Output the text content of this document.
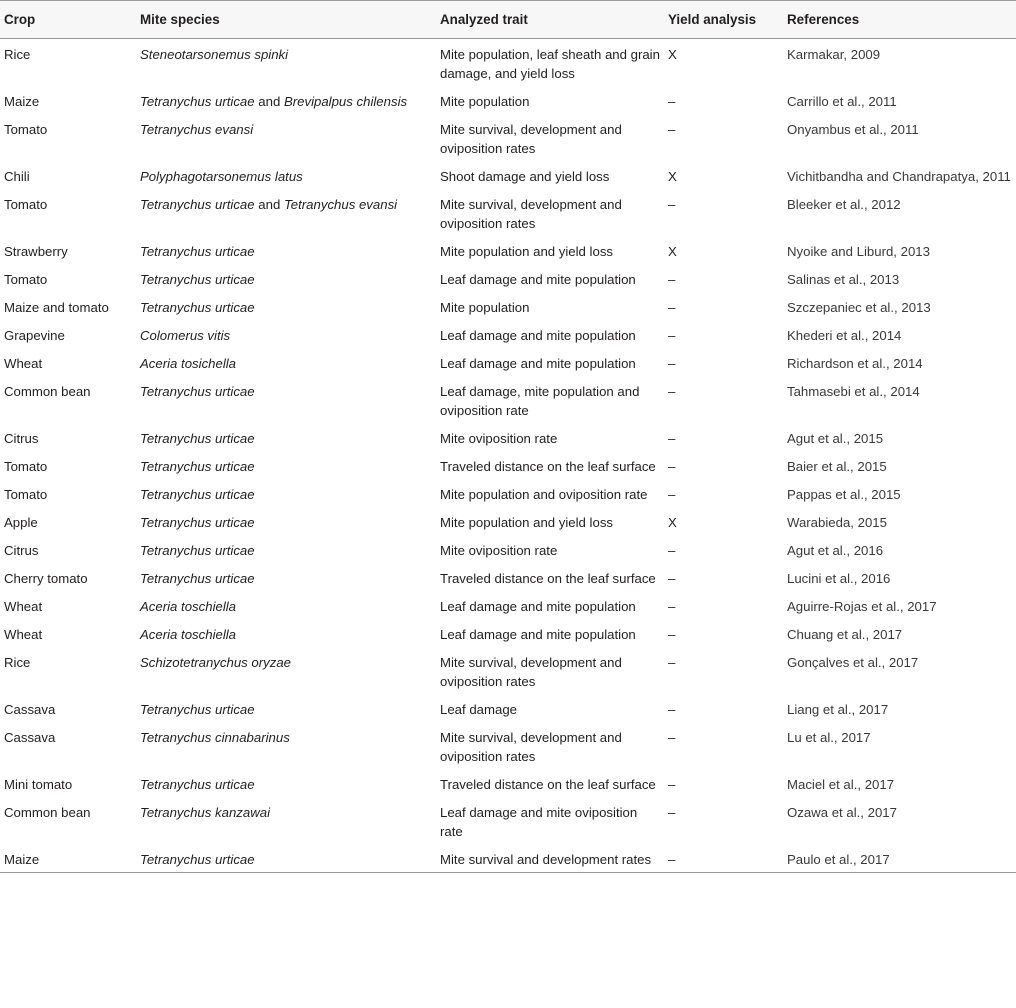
Crop	Mite species	Analyzed trait	Yield analysis	References
Rice	Steneotarsonemus spinki	Mite population, leaf sheath and grain damage, and yield loss	X	Karmakar, 2009
Maize	Tetranychus urticae and Brevipalpus chilensis	Mite population	–	Carrillo et al., 2011
Tomato	Tetranychus evansi	Mite survival, development and oviposition rates	–	Onyambus et al., 2011
Chili	Polyphagotarsonemus latus	Shoot damage and yield loss	X	Vichitbandha and Chandrapatya, 2011
Tomato	Tetranychus urticae and Tetranychus evansi	Mite survival, development and oviposition rates	–	Bleeker et al., 2012
Strawberry	Tetranychus urticae	Mite population and yield loss	X	Nyoike and Liburd, 2013
Tomato	Tetranychus urticae	Leaf damage and mite population	–	Salinas et al., 2013
Maize and tomato	Tetranychus urticae	Mite population	–	Szczepaniec et al., 2013
Grapevine	Colomerus vitis	Leaf damage and mite population	–	Khederi et al., 2014
Wheat	Aceria tosichella	Leaf damage and mite population	–	Richardson et al., 2014
Common bean	Tetranychus urticae	Leaf damage, mite population and oviposition rate	–	Tahmasebi et al., 2014
Citrus	Tetranychus urticae	Mite oviposition rate	–	Agut et al., 2015
Tomato	Tetranychus urticae	Traveled distance on the leaf surface	–	Baier et al., 2015
Tomato	Tetranychus urticae	Mite population and oviposition rate	–	Pappas et al., 2015
Apple	Tetranychus urticae	Mite population and yield loss	X	Warabieda, 2015
Citrus	Tetranychus urticae	Mite oviposition rate	–	Agut et al., 2016
Cherry tomato	Tetranychus urticae	Traveled distance on the leaf surface	–	Lucini et al., 2016
Wheat	Aceria toschiella	Leaf damage and mite population	–	Aguirre-Rojas et al., 2017
Wheat	Aceria toschiella	Leaf damage and mite population	–	Chuang et al., 2017
Rice	Schizotetranychus oryzae	Mite survival, development and oviposition rates	–	Gonçalves et al., 2017
Cassava	Tetranychus urticae	Leaf damage	–	Liang et al., 2017
Cassava	Tetranychus cinnabarinus	Mite survival, development and oviposition rates	–	Lu et al., 2017
Mini tomato	Tetranychus urticae	Traveled distance on the leaf surface	–	Maciel et al., 2017
Common bean	Tetranychus kanzawai	Leaf damage and mite oviposition rate	–	Ozawa et al., 2017
Maize	Tetranychus urticae	Mite survival and development rates	–	Paulo et al., 2017
